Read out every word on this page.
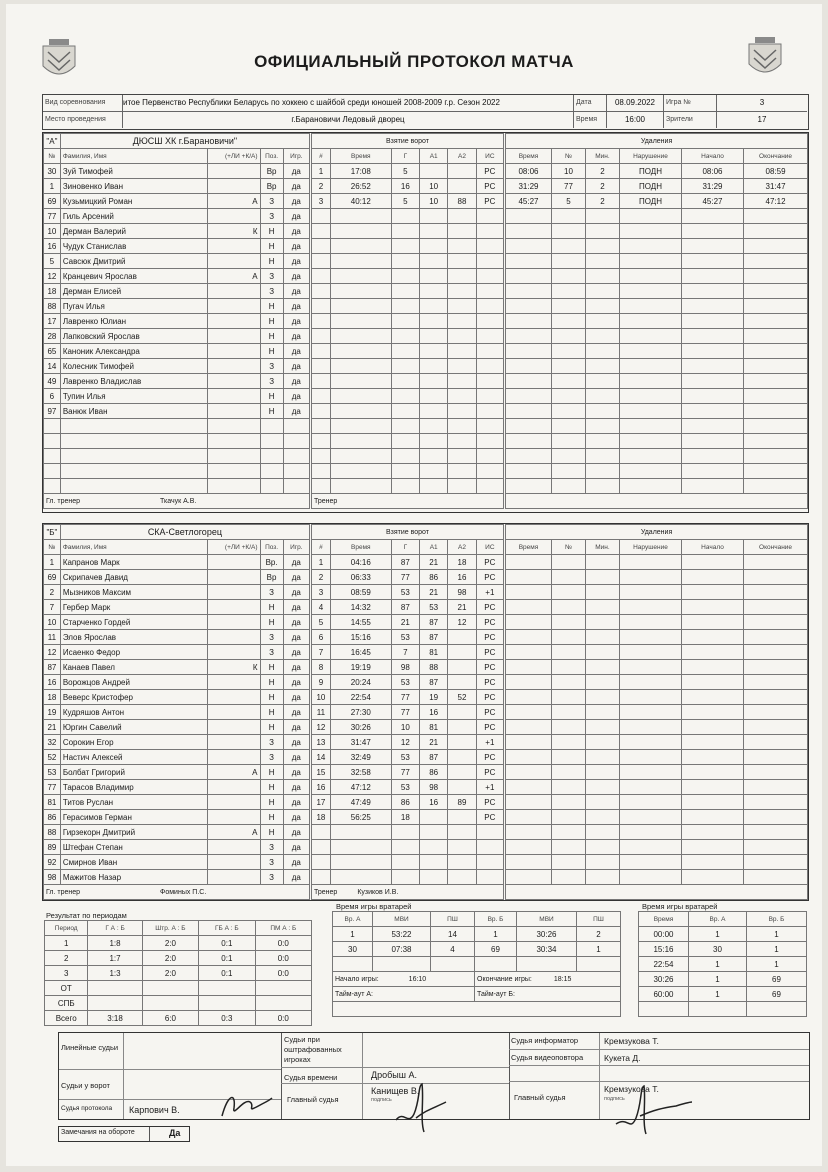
ОФИЦИАЛЬНЫЙ ПРОТОКОЛ МАТЧА
Вид соревнования	итое Первенство Республики Беларусь по хоккею с шайбой среди юношей 2008-2009 г.р. Сезон 2022	Дата	08.09.2022	Игра №	3
Место проведения	г.Барановичи Ледовый дворец	Время	16:00	Зрители	17
"А"	ДЮСШ ХК г.Барановичи"			
№	Фамилия, Имя	(+ЛИ +К/А)	Поз.	Игр.
30	Зуй Тимофей		Вр	да
1	Зиновенко Иван		Вр	да
69	Кузьмицкий Роман	А	З	да
77	Гиль Арсений		З	да
10	Дерман Валерий	К	Н	да
16	Чудук Станислав		Н	да
5	Савсюк Дмитрий		Н	да
12	Кранцевич Ярослав	А	З	да
18	Дерман Елисей		З	да
88	Пугач Илья		Н	да
17	Лавренко Юлиан		Н	да
28	Лапковский Ярослав		Н	да
65	Каноник Александра		Н	да
14	Колесник Тимофей		З	да
49	Лавренко Владислав		З	да
6	Тупин Илья		Н	да
97	Ванюк Иван		Н	да

Гл. тренер Ткачук А.В.				
Взятие ворот					
#	Время	Г	А1	А2	ИС
1	17:08	5			PC
2	26:52	16	10		PC
3	40:12	5	10	88	PC

Тренер					
Удаления					
Время	№	Мин.	Нарушение	Начало	Окончание
08:06	10	2	ПОДН	08:06	08:59
31:29	77	2	ПОДН	31:29	31:47
45:27	5	2	ПОДН	45:27	47:12

"Б"	СКА-Светлогорец			
№	Фамилия, Имя	(+ЛИ +К/А)	Поз.	Игр.
1	Капранов Марк		Вр.	да
69	Скрипачев Давид		Вр	да
2	Мызников Максим		З	да
7	Гербер Марк		Н	да
10	Старченко Гордей		Н	да
11	Элов Ярослав		З	да
12	Исаенко Федор		З	да
87	Канаев Павел	К	Н	да
16	Ворожцов Андрей		Н	да
18	Веверс Кристофер		Н	да
19	Кудряшов Антон		Н	да
21	Юргин Савелий		Н	да
32	Сорокин Егор		З	да
52	Настич Алексей		З	да
53	Болбат Григорий	А	Н	да
77	Тарасов Владимир		Н	да
81	Титов Руслан		Н	да
86	Герасимов Герман		Н	да
88	Гирзекорн Дмитрий	А	Н	да
89	Штефан Степан		З	да
92	Смирнов Иван		З	да
98	Мажитов Назар		З	да
Гл. тренер Фоминых П.С.				
Взятие ворот					
#	Время	Г	А1	А2	ИС
1	04:16	87	21	18	PC
2	06:33	77	86	16	PC
3	08:59	53	21	98	+1
4	14:32	87	53	21	PC
5	14:55	21	87	12	PC
6	15:16	53	87		PC
7	16:45	7	81		PC
8	19:19	98	88		PC
9	20:24	53	87		PC
10	22:54	77	19	52	PC
11	27:30	77	16		PC
12	30:26	10	81		PC
13	31:47	12	21		+1
14	32:49	53	87		PC
15	32:58	77	86		PC
16	47:12	53	98		+1
17	47:49	86	16	89	PC
18	56:25	18			PC

Тренер Кузиков И.В.					
Удаления					
Время	№	Мин.	Нарушение	Начало	Окончание

Результат по периодам
Период	Г А : Б	Штр. А : Б	ГБ А : Б	ПМ А : Б
1	1:8	2:0	0:1	0:0
2	1:7	2:0	0:1	0:0
3	1:3	2:0	0:1	0:0
ОТ				
СПБ				
Всего	3:18	6:0	0:3	0:0
Время игры вратарей
Вр. А	МВИ	ПШ	Вр. Б	МВИ	ПШ
1	53:22	14	1	30:26	2
30	07:38	4	69	30:34	1

Начало игры: 16:10			Окончание игры: 18:15		
Тайм-аут А:			Тайм-аут Б:		

Время игры вратарей
Время	Вр. А	Вр. Б
00:00	1	1
15:16	30	1
22:54	1	1
30:26	1	69
60:00	1	69

Линейные судьи
Судьи у ворот
Судья протокола Карпович В.
Судьи при оштрафованных игроках
Судья времени	Дробыш А.
Главный судья
Канищев В.
подпись
Судья информатор	Кремзукова Т.
Судья видеоповтора Кукета Д.
Главный судья
Кремзукова Т.
подпись
Замечания на обороте	Да
